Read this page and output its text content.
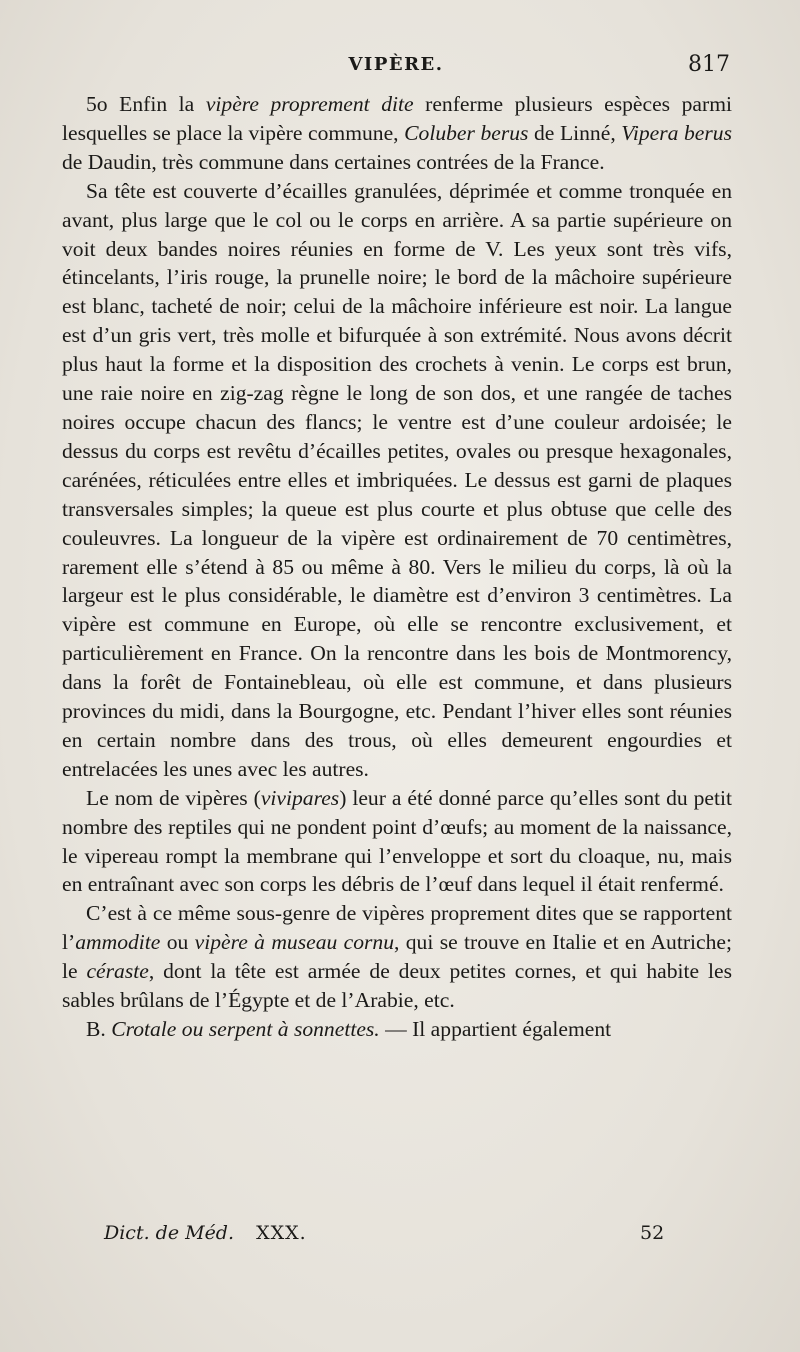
VIPÈRE.	817

5o Enfin la vipère proprement dite renferme plusieurs espèces parmi lesquelles se place la vipère commune, Coluber berus de Linné, Vipera berus de Daudin, très commune dans certaines contrées de la France.

Sa tête est couverte d’écailles granulées, déprimée et comme tronquée en avant, plus large que le col ou le corps en arrière. A sa partie supérieure on voit deux bandes noires réunies en forme de V. Les yeux sont très vifs, étincelants, l’iris rouge, la prunelle noire; le bord de la mâchoire supérieure est blanc, tacheté de noir; celui de la mâchoire inférieure est noir. La langue est d’un gris vert, très molle et bifurquée à son extrémité. Nous avons décrit plus haut la forme et la disposition des crochets à venin. Le corps est brun, une raie noire en zig-zag règne le long de son dos, et une rangée de taches noires occupe chacun des flancs; le ventre est d’une couleur ardoisée; le dessus du corps est revêtu d’écailles petites, ovales ou presque hexagonales, carénées, réticulées entre elles et imbriquées. Le dessus est garni de plaques transversales simples; la queue est plus courte et plus obtuse que celle des couleuvres. La longueur de la vipère est ordinairement de 70 centimètres, rarement elle s’étend à 85 ou même à 80. Vers le milieu du corps, là où la largeur est le plus considérable, le diamètre est d’environ 3 centimètres. La vipère est commune en Europe, où elle se rencontre exclusivement, et particulièrement en France. On la rencontre dans les bois de Montmorency, dans la forêt de Fontainebleau, où elle est commune, et dans plusieurs provinces du midi, dans la Bourgogne, etc. Pendant l’hiver elles sont réunies en certain nombre dans des trous, où elles demeurent engourdies et entrelacées les unes avec les autres.

Le nom de vipères (vivipares) leur a été donné parce qu’elles sont du petit nombre des reptiles qui ne pondent point d’œufs; au moment de la naissance, le vipereau rompt la membrane qui l’enveloppe et sort du cloaque, nu, mais en entraînant avec son corps les débris de l’œuf dans lequel il était renfermé.

C’est à ce même sous-genre de vipères proprement dites que se rapportent l’ammodite ou vipère à museau cornu, qui se trouve en Italie et en Autriche; le céraste, dont la tête est armée de deux petites cornes, et qui habite les sables brûlans de l’Égypte et de l’Arabie, etc.

B. Crotale ou serpent à sonnettes. — Il appartient également

Dict. de Méd. XXX.	52
